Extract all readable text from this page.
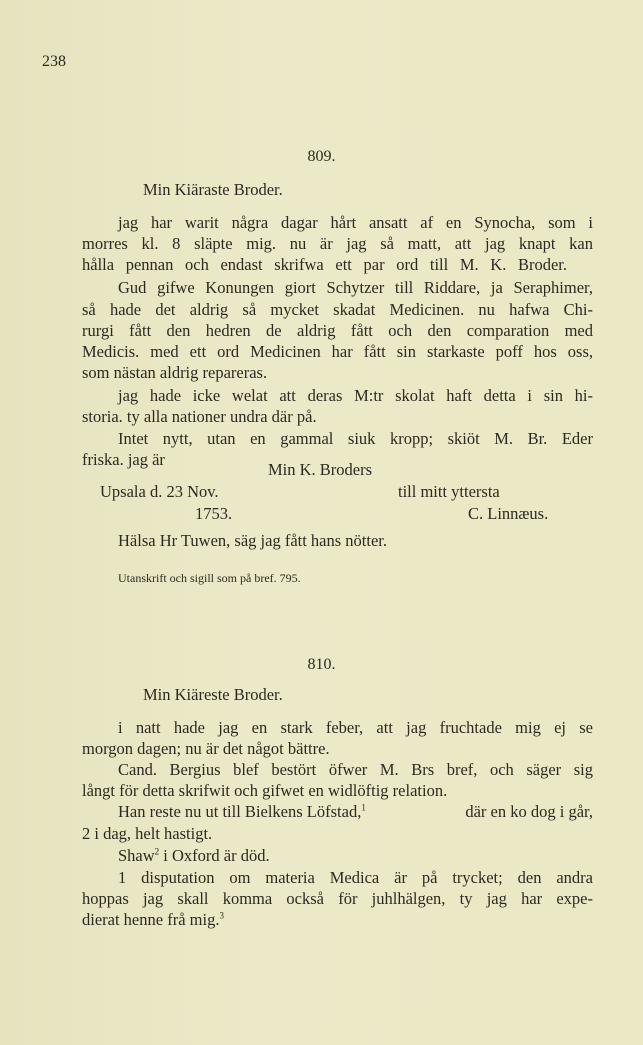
238
809.
Min Kiäraste Broder.
jag har warit några dagar hårt ansatt af en Synocha, som i
morres kl. 8 släpte mig. nu är jag så matt, att jag knapt kan
hålla pennan och endast skrifwa ett par ord till M. K. Broder.
Gud gifwe Konungen giort Schytzer till Riddare, ja Seraphimer,
så hade det aldrig så mycket skadat Medicinen. nu hafwa Chi-
rurgi fått den hedren de aldrig fått och den comparation med
Medicis. med ett ord Medicinen har fått sin starkaste poff hos oss,
som nästan aldrig repareras.
jag hade icke welat att deras M:tr skolat haft detta i sin hi-
storia. ty alla nationer undra där på.
Intet nytt, utan en gammal siuk kropp; skiöt M. Br. Eder
friska. jag är
Min K. Broders
Upsala d. 23 Nov.	till mitt yttersta
1753.	C. Linnæus.
Hälsa Hr Tuwen, säg jag fått hans nötter.
Utanskrift och sigill som på bref. 795.
810.
Min Kiäreste Broder.
i natt hade jag en stark feber, att jag fruchtade mig ej se
morgon dagen; nu är det något bättre.
Cand. Bergius blef bestört öfwer M. Brs bref, och säger sig
långt för detta skrifwit och gifwet en widlöftig relation.
Han reste nu ut till Bielkens Löfstad,$^1$	där en ko dog i går,
2 i dag, helt hastigt.
Shaw$^2$ i Oxford är död.
1 disputation om materia Medica är på trycket; den andra
hoppas jag skall komma också för juhlhälgen, ty jag har expe-
dierat henne frå mig.$^3$
